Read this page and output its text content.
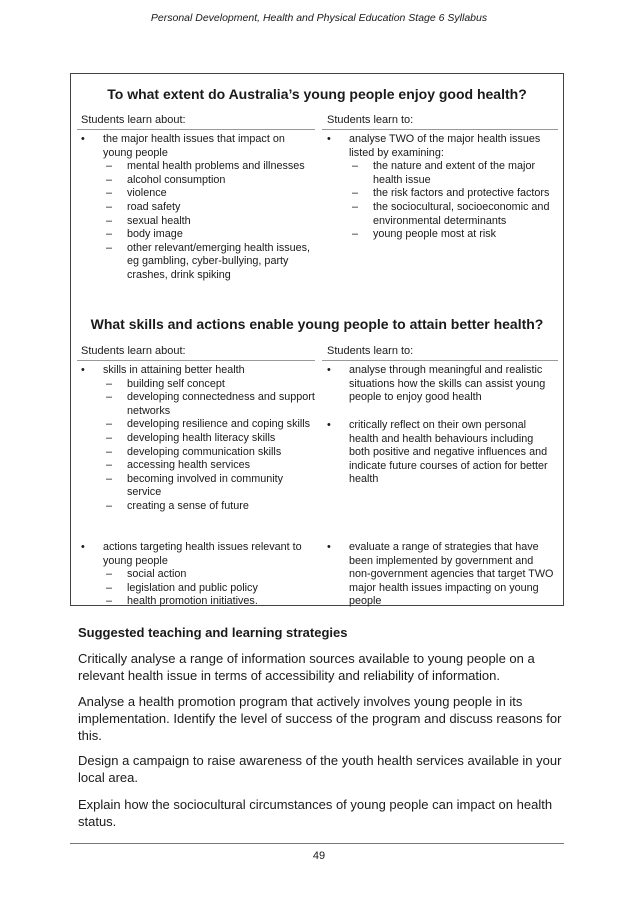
Personal Development, Health and Physical Education Stage 6 Syllabus
To what extent do Australia’s young people enjoy good health?
Students learn about:	Students learn to:
• the major health issues that impact on young people
– mental health problems and illnesses
– alcohol consumption
– violence
– road safety
– sexual health
– body image
– other relevant/emerging health issues, eg gambling, cyber-bullying, party crashes, drink spiking
• analyse TWO of the major health issues listed by examining:
– the nature and extent of the major health issue
– the risk factors and protective factors
– the sociocultural, socioeconomic and environmental determinants
– young people most at risk
What skills and actions enable young people to attain better health?
Students learn about:	Students learn to:
• skills in attaining better health
– building self concept
– developing connectedness and support networks
– developing resilience and coping skills
– developing health literacy skills
– developing communication skills
– accessing health services
– becoming involved in community service
– creating a sense of future
• actions targeting health issues relevant to young people
– social action
– legislation and public policy
– health promotion initiatives.
• analyse through meaningful and realistic situations how the skills can assist young people to enjoy good health
• critically reflect on their own personal health and health behaviours including both positive and negative influences and indicate future courses of action for better health
• evaluate a range of strategies that have been implemented by government and non-government agencies that target TWO major health issues impacting on young people
Suggested teaching and learning strategies
Critically analyse a range of information sources available to young people on a relevant health issue in terms of accessibility and reliability of information.
Analyse a health promotion program that actively involves young people in its implementation. Identify the level of success of the program and discuss reasons for this.
Design a campaign to raise awareness of the youth health services available in your local area.
Explain how the sociocultural circumstances of young people can impact on health status.
49
